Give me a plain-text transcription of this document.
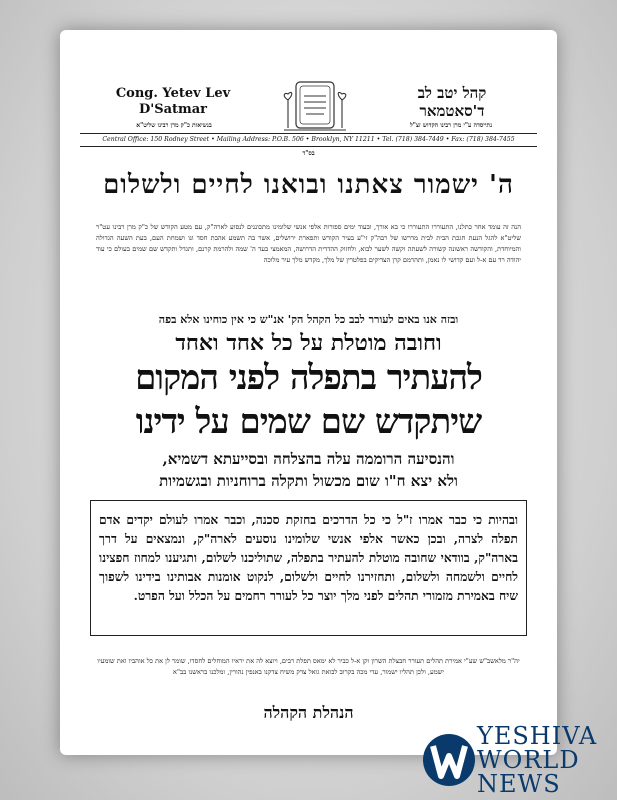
Cong. Yetev Lev
D'Satmar
בנשיאות כ"ק מרן רבינו שליט"א
קהל יטב לב
ד'סאטמאר
נתייסדה ע"י מרן רבינו הקדוש זצ"ל
Central Office: 150 Rodney Street • Mailing Address: P.O.B. 506 • Brooklyn, NY 11211 • Tel. (718) 384-7449 • Fax: (718) 384-7455
בס"ד
ה' ישמור צאתנו ובואנו לחיים ולשלום
הנה זה עומד אחר כתלנו, התעוררו התעוררו כי בא אורך, ובעוד ימים ספורות אלפי אנשי שלומינו מתכוננים לנסוע לארה"ק, עם מטע הקודש של כ"ק מרן רבינו עט"ר שליט"א להגל הנעת חגכת הבית לבית מדרשו של רבה"ק זי"ע בעיר הקודש ותפארת ירושלים, אשר בה תשמע אהבת חסד ונו ושמחת העם, בעת השעה הגדולה והמיוחדת, והקודשה ראשונה קשורה לשעתה וקשה לשער לבוא, ולחזוק ההדדית הדרושה, המאמצי בעד ה' שמה ולהרמת קרנם, ותגדל ותקדש שם שמים בעולם כי עוד יהודה רד עם א-ל ועם קדושי לו נאמן, ותהרמם קרן הצדיקים בפלטרין של מלך, מקדש מלך עיר מלוכה
ובזה אנו באים לעורר לבב כל הקהל הק' אנ"ש כי אין כוחינו אלא בפה
וחובה מוטלת על כל אחד ואחד
להעתיר בתפלה לפני המקום
שיתקדש שם שמים על ידינו
והנסיעה הרוממה עלה בהצלחה ובסייעתא דשמיא,
ולא יצא ח"ו שום מכשול ותקלה ברוחניות ובגשמיות
ובהיות כי כבר אמרו ז"ל כי כל הדרכים בחזקת סכנה, וכבר אמרו לעולם יקדים אדם תפלה לצרה, ובכן כאשר אלפי אנשי שלומינו נוסעים לארה"ק, ונמצאים על דרך בארה"ק, בוודאי שחובה מוטלת להעתיר בתפלה, שתוליכנו לשלום, ותגיענו למחוז חפצינו לחיים ולשמחה ולשלום, ותחזירנו לחיים ולשלום, לנקוט אומנות אבותינו בידינו לשפוך שיח באמירת מזמורי תהלים לפני מלך יוצר כל לעורר רחמים על הכלל ועל הפרט.
יה"ר מלאשב"ש שע"י אמירת תהלים תעורר חבצלת השרון וקן א-ל כביר לא ימאס תפלת רבים, ויוצא לה את יראיו המוחלים לחסדו, שומר לן את כל אוהביו ואת שומעיו ישמע, ולכן תהליו ישמור, עדי מכה בקרוב לבואת גואל צדק משיח צדקנו באנפין נהורין, ומלכנו בראשנו בב"א
הנהלת הקהלה
YESHIVA
WORLD
NEWS
